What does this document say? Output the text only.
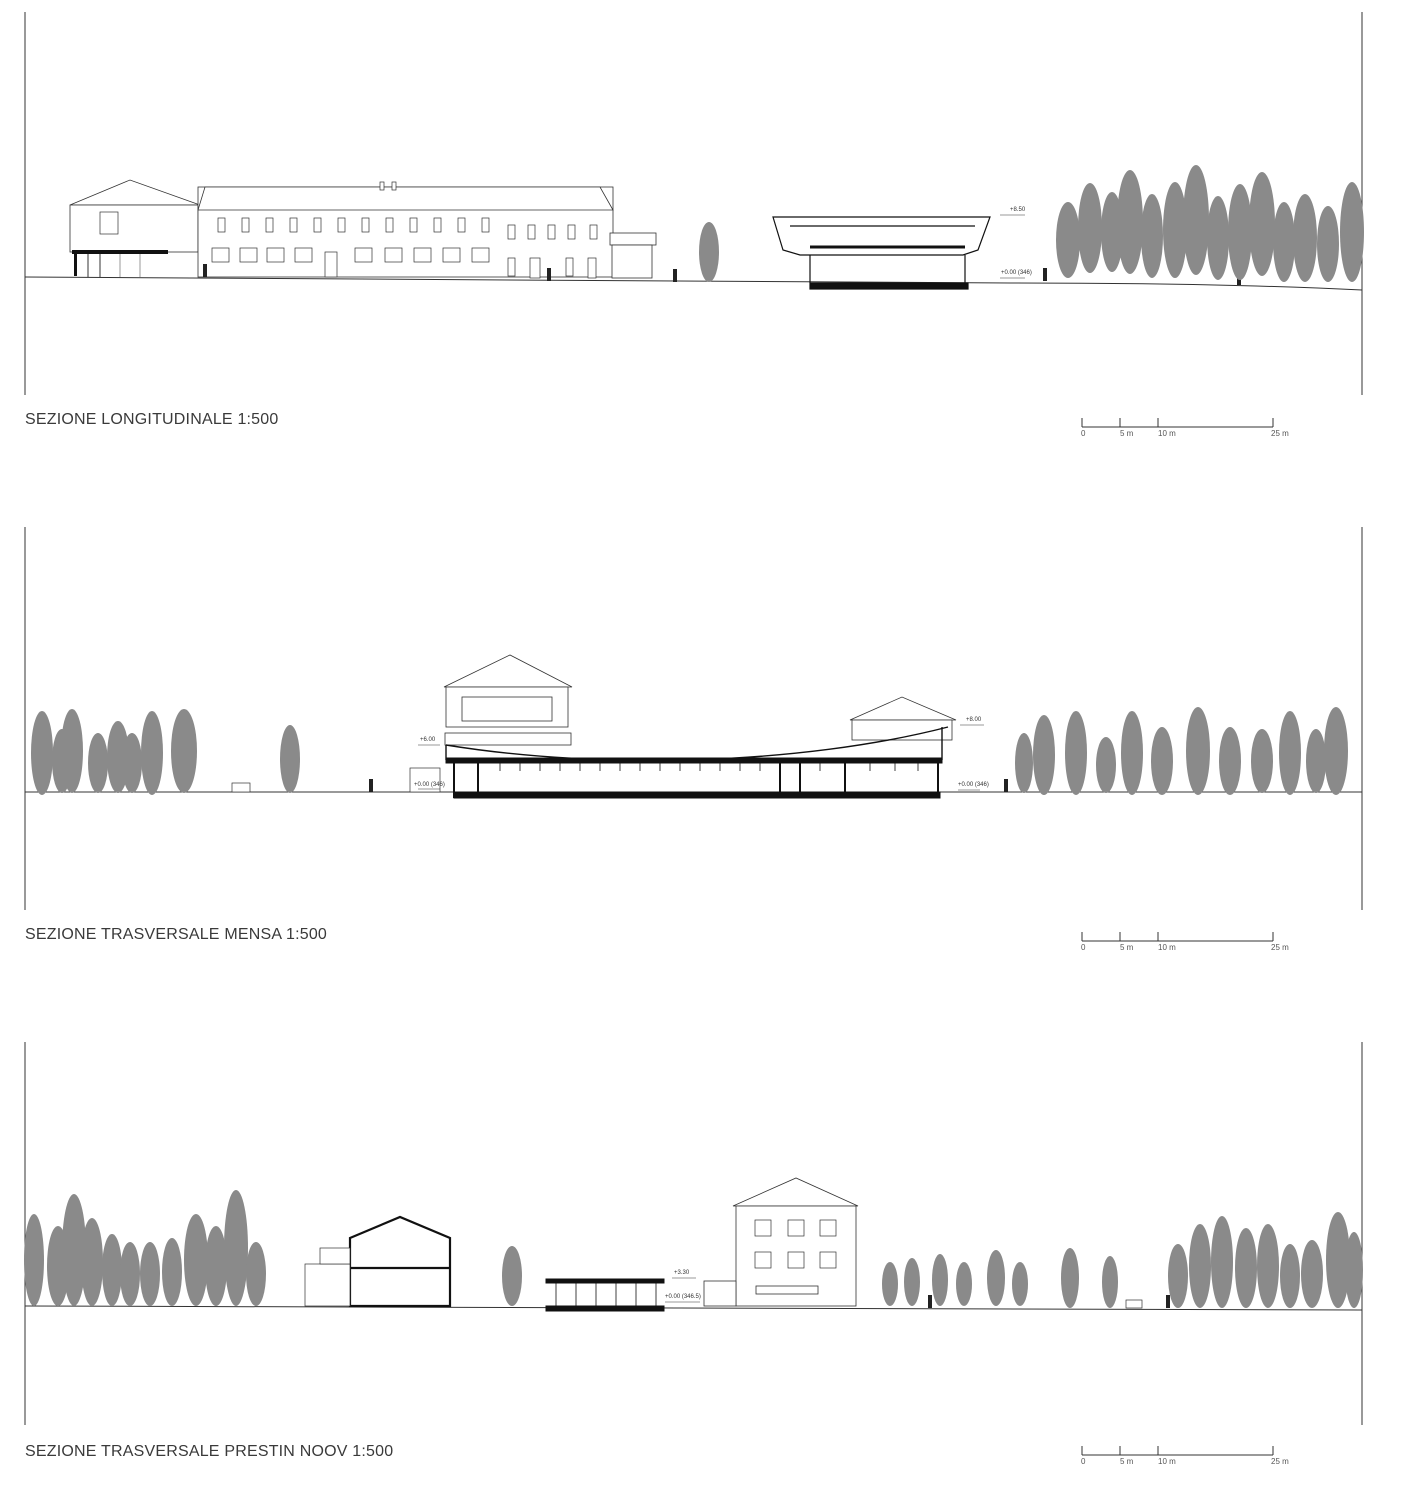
+8.50
+0.00 (346)
SEZIONE LONGITUDINALE 1:500
0	5 m	10 m	25 m
+6.00
+8.00
+0.00 (346)
+0.00 (346)
SEZIONE TRASVERSALE MENSA 1:500
0	5 m	10 m	25 m
+3.30
+0.00 (346.5)
SEZIONE TRASVERSALE PRESTIN NOOV 1:500
0	5 m	10 m	25 m
